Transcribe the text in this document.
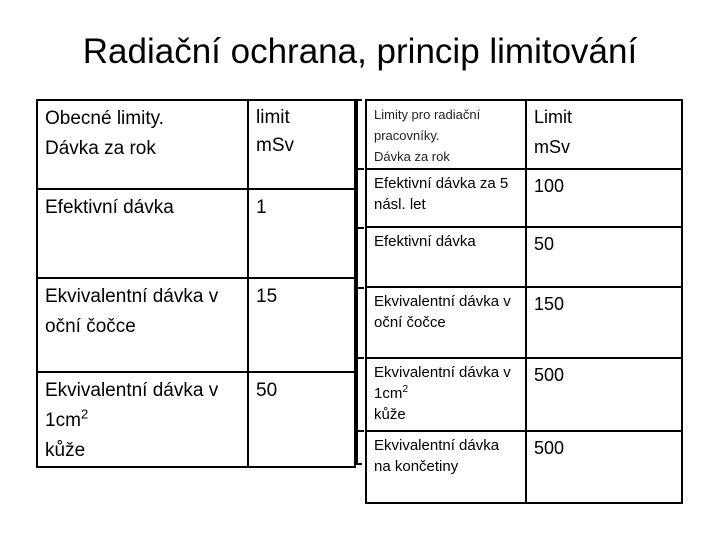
Radiační ochrana, princip limitování
Obecné limity.
Dávka za rok	limit
mSv
Efektivní dávka	1
Ekvivalentní dávka v oční čočce	15
Ekvivalentní dávka v $1cm^2$
kůže	50
Limity pro radiační pracovníky.
Dávka za rok	Limit
mSv
Efektivní dávka za 5 násl. let	100
Efektivní dávka	50
Ekvivalentní dávka v oční čočce	150
Ekvivalentní dávka v $1cm^2$
kůže	500
Ekvivalentní dávka na končetiny	500
